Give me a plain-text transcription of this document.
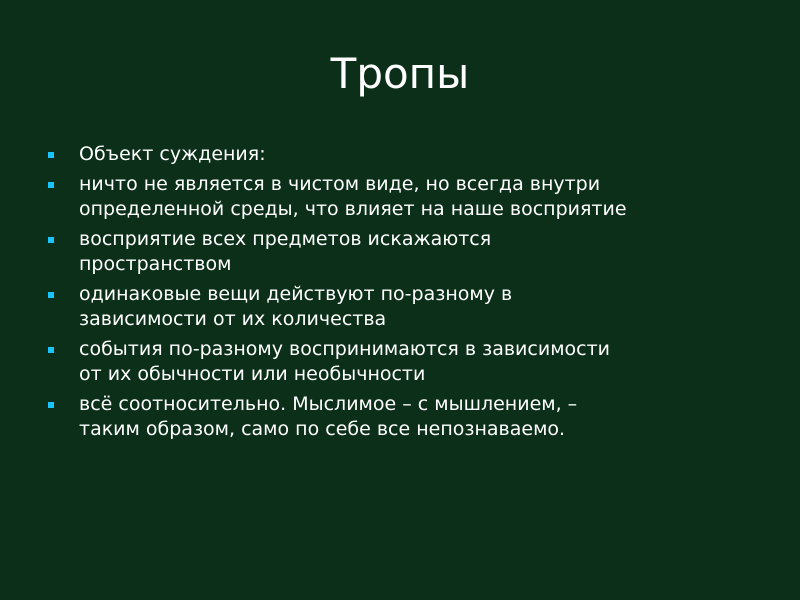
Тропы
Объект суждения:
ничто не является в чистом виде, но всегда внутри
определенной среды, что влияет на наше восприятие
восприятие всех предметов искажаются
пространством
одинаковые вещи действуют по-разному в
зависимости от их количества
события по-разному воспринимаются в зависимости
от их обычности или необычности
всё соотносительно. Мыслимое – с мышлением, –
таким образом, само по себе все непознаваемо.
